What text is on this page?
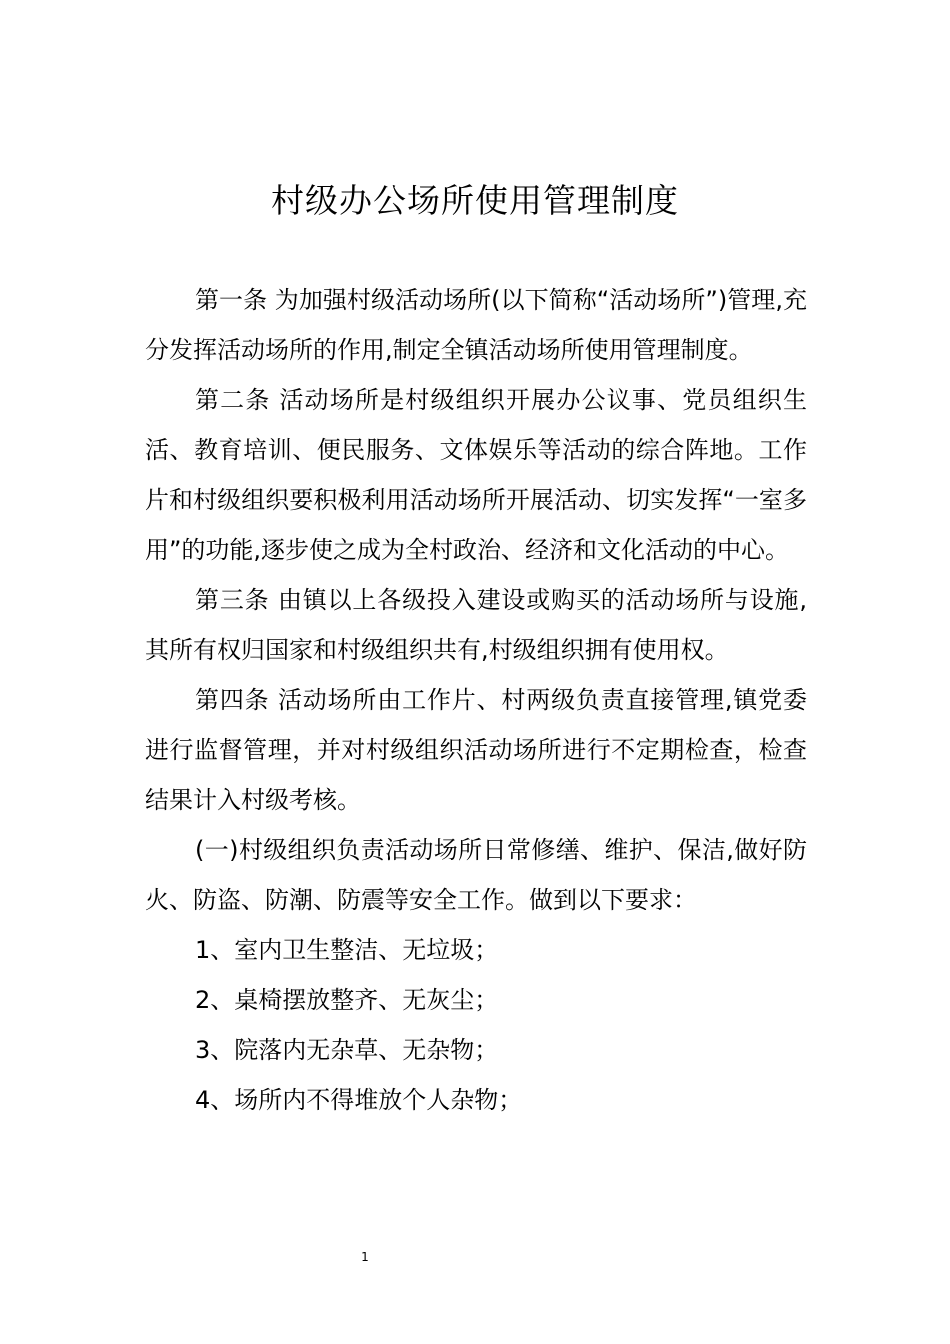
村级办公场所使用管理制度

第一条 为加强村级活动场所(以下简称“活动场所”)管理,充分发挥活动场所的作用,制定全镇活动场所使用管理制度。

第二条 活动场所是村级组织开展办公议事、党员组织生活、教育培训、便民服务、文体娱乐等活动的综合阵地。工作片和村级组织要积极利用活动场所开展活动、切实发挥“一室多用”的功能,逐步使之成为全村政治、经济和文化活动的中心。

第三条 由镇以上各级投入建设或购买的活动场所与设施,其所有权归国家和村级组织共有,村级组织拥有使用权。

第四条 活动场所由工作片、村两级负责直接管理,镇党委进行监督管理，并对村级组织活动场所进行不定期检查，检查结果计入村级考核。

(一)村级组织负责活动场所日常修缮、维护、保洁,做好防火、防盗、防潮、防震等安全工作。做到以下要求：

1、室内卫生整洁、无垃圾；

2、桌椅摆放整齐、无灰尘；

3、院落内无杂草、无杂物；

4、场所内不得堆放个人杂物；

1
